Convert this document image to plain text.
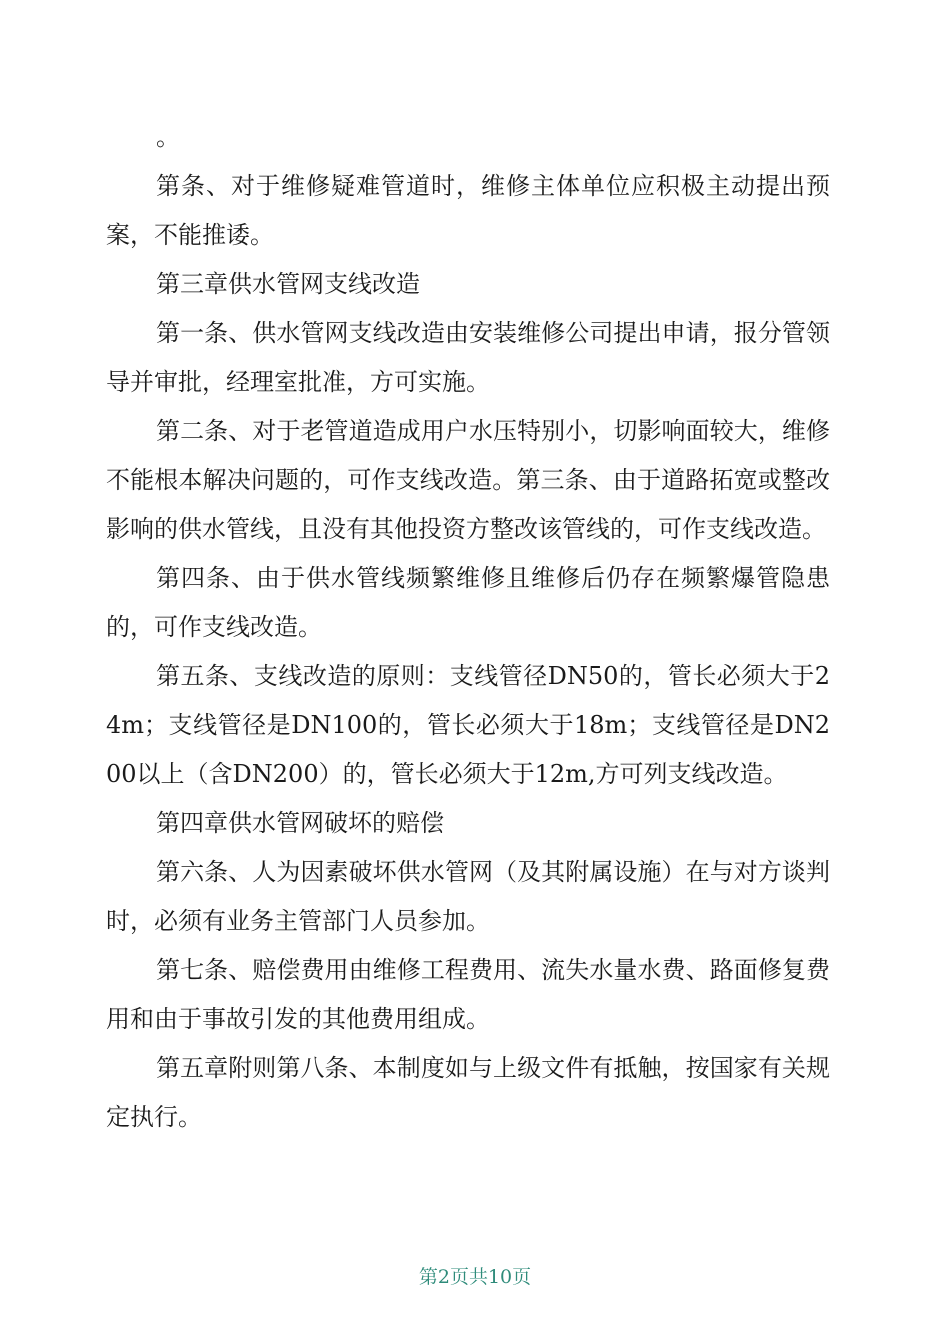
。

第条、对于维修疑难管道时，维修主体单位应积极主动提出预案，不能推诿。

第三章供水管网支线改造

第一条、供水管网支线改造由安装维修公司提出申请，报分管领导并审批，经理室批准，方可实施。

第二条、对于老管道造成用户水压特别小，切影响面较大，维修不能根本解决问题的，可作支线改造。第三条、由于道路拓宽或整改影响的供水管线，且没有其他投资方整改该管线的，可作支线改造。

第四条、由于供水管线频繁维修且维修后仍存在频繁爆管隐患的，可作支线改造。

第五条、支线改造的原则：支线管径DN50的，管长必须大于24m；支线管径是DN100的，管长必须大于18m；支线管径是DN200以上（含DN200）的，管长必须大于12m,方可列支线改造。

第四章供水管网破坏的赔偿

第六条、人为因素破坏供水管网（及其附属设施）在与对方谈判时，必须有业务主管部门人员参加。

第七条、赔偿费用由维修工程费用、流失水量水费、路面修复费用和由于事故引发的其他费用组成。

第五章附则第八条、本制度如与上级文件有抵触，按国家有关规定执行。

第2页共10页
